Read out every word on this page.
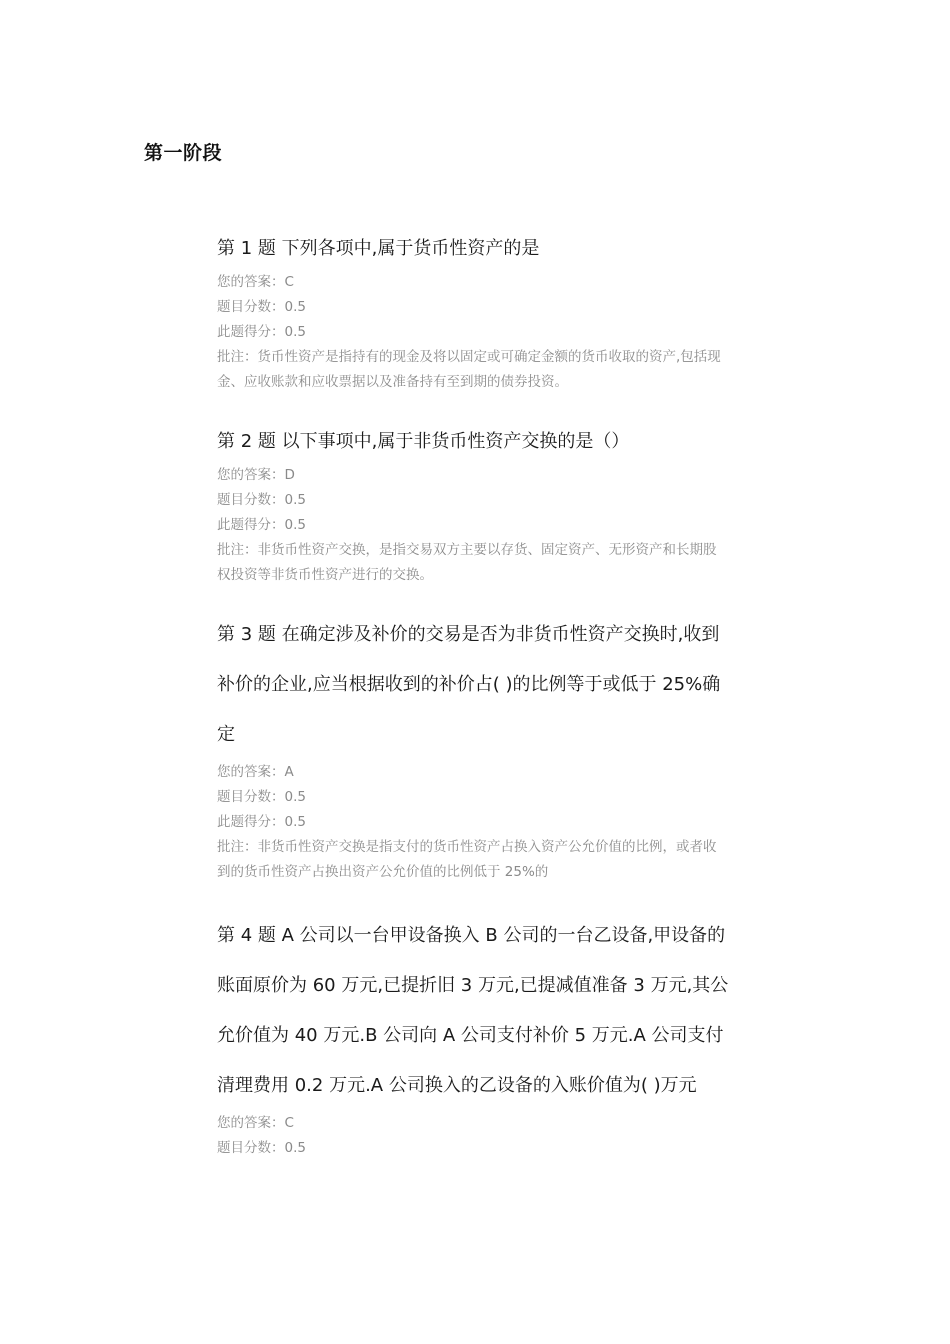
第一阶段

第 1 题 下列各项中,属于货币性资产的是

您的答案：C

题目分数：0.5

此题得分：0.5

批注：货币性资产是指持有的现金及将以固定或可确定金额的货币收取的资产,包括现金、应收账款和应收票据以及准备持有至到期的债券投资。

第 2 题 以下事项中,属于非货币性资产交换的是（）

您的答案：D

题目分数：0.5

此题得分：0.5

批注：非货币性资产交换，是指交易双方主要以存货、固定资产、无形资产和长期股权投资等非货币性资产进行的交换。

第 3 题 在确定涉及补价的交易是否为非货币性资产交换时,收到补价的企业,应当根据收到的补价占( )的比例等于或低于 25%确定

您的答案：A

题目分数：0.5

此题得分：0.5

批注：非货币性资产交换是指支付的货币性资产占换入资产公允价值的比例，或者收到的货币性资产占换出资产公允价值的比例低于 25%的

第 4 题 A 公司以一台甲设备换入 B 公司的一台乙设备,甲设备的账面原价为 60 万元,已提折旧 3 万元,已提减值准备 3 万元,其公允价值为 40 万元.B 公司向 A 公司支付补价 5 万元.A 公司支付清理费用 0.2 万元.A 公司换入的乙设备的入账价值为( )万元

您的答案：C

题目分数：0.5
